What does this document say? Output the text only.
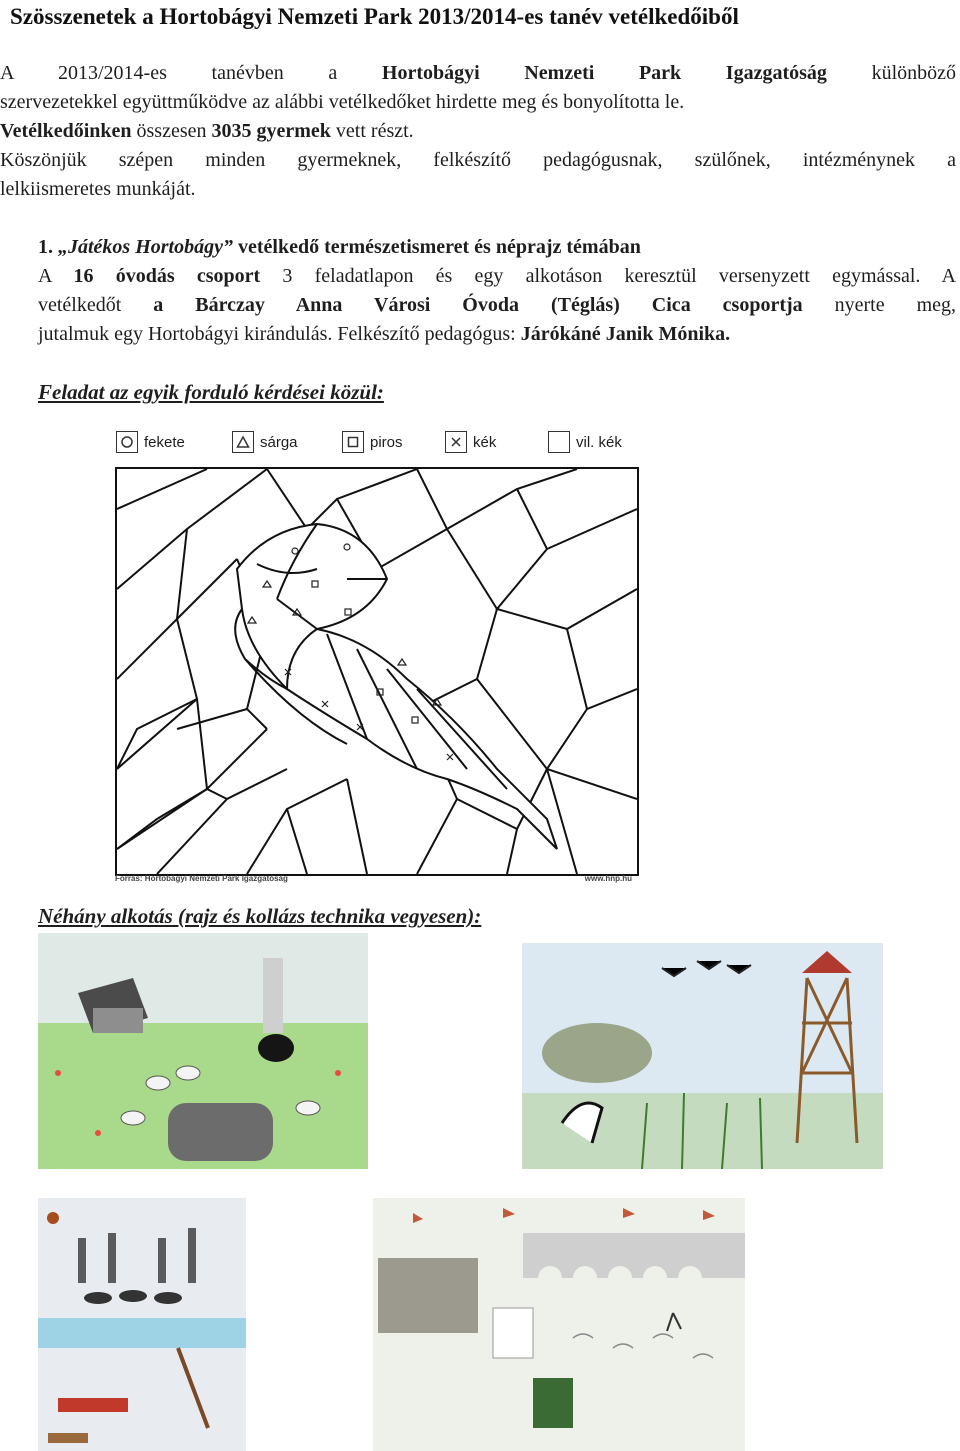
Szösszenetek a Hortobágyi Nemzeti Park 2013/2014-es tanév vetélkedőiből

A 2013/2014-es tanévben a Hortobágyi Nemzeti Park Igazgatóság különböző
szervezetekkel együttműködve az alábbi vetélkedőket hirdette meg és bonyolította le.
Vetélkedőinken összesen 3035 gyermek vett részt.

Köszönjük szépen minden gyermeknek, felkészítő pedagógusnak, szülőnek, intézménynek a
lelkiismeretes munkáját.

1. „Játékos Hortobágy” vetélkedő természetismeret és néprajz témában
A 16 óvodás csoport 3 feladatlapon és egy alkotáson keresztül versenyzett egymással. A
vetélkedőt a Bárczay Anna Városi Óvoda (Téglás) Cica csoportja nyerte meg,
jutalmuk egy Hortobágyi kirándulás. Felkészítő pedagógus: Járókáné Janik Mónika.
Feladat az egyik forduló kérdései közül:
fekete	sárga	piros	kék	vil. kék
Forrás: Hortobágyi Nemzeti Park Igazgatóság	www.hnp.hu
Néhány alkotás (rajz és kollázs technika vegyesen):
